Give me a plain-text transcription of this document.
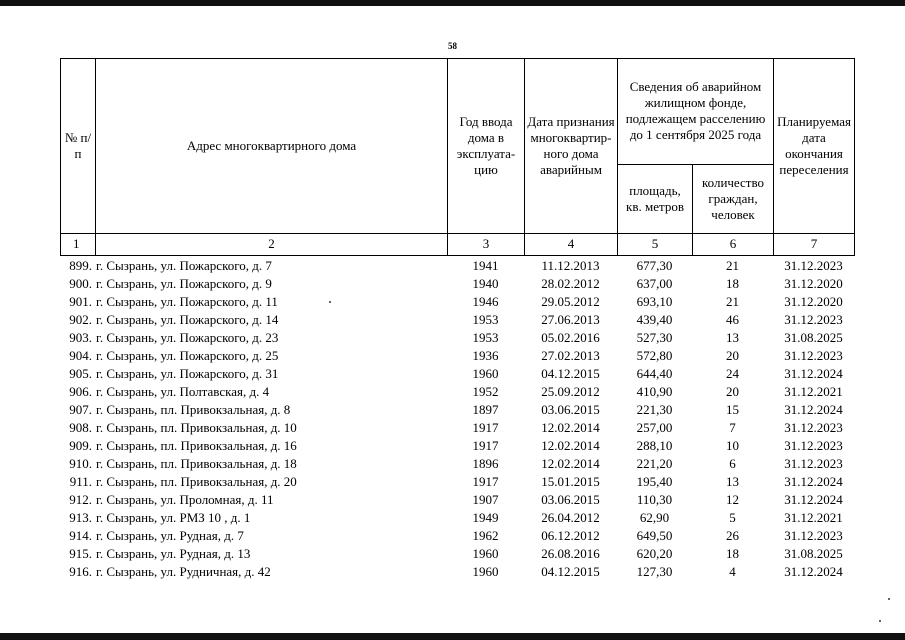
58
№ п/п	Адрес многоквартирного дома	Год ввода дома в эксплуата- цию	Дата признания многоквартир- ного дома аварийным	Сведения об аварийном жилищном фонде, подлежащем расселению до 1 сентября 2025 года		Планируемая дата окончания переселения
				площадь, кв. метров	количество граждан, человек	
1	2	3	4	5	6	7
899.	г. Сызрань, ул. Пожарского, д. 7	1941	11.12.2013	677,30	21	31.12.2023
900.	г. Сызрань, ул. Пожарского, д. 9	1940	28.02.2012	637,00	18	31.12.2020
901.	г. Сызрань, ул. Пожарского, д. 11	1946	29.05.2012	693,10	21	31.12.2020
902.	г. Сызрань, ул. Пожарского, д. 14	1953	27.06.2013	439,40	46	31.12.2023
903.	г. Сызрань, ул. Пожарского, д. 23	1953	05.02.2016	527,30	13	31.08.2025
904.	г. Сызрань, ул. Пожарского, д. 25	1936	27.02.2013	572,80	20	31.12.2023
905.	г. Сызрань, ул. Пожарского, д. 31	1960	04.12.2015	644,40	24	31.12.2024
906.	г. Сызрань, ул. Полтавская, д. 4	1952	25.09.2012	410,90	20	31.12.2021
907.	г. Сызрань, пл. Привокзальная, д. 8	1897	03.06.2015	221,30	15	31.12.2024
908.	г. Сызрань, пл. Привокзальная, д. 10	1917	12.02.2014	257,00	7	31.12.2023
909.	г. Сызрань, пл. Привокзальная, д. 16	1917	12.02.2014	288,10	10	31.12.2023
910.	г. Сызрань, пл. Привокзальная, д. 18	1896	12.02.2014	221,20	6	31.12.2023
911.	г. Сызрань, пл. Привокзальная, д. 20	1917	15.01.2015	195,40	13	31.12.2024
912.	г. Сызрань, ул. Проломная, д. 11	1907	03.06.2015	110,30	12	31.12.2024
913.	г. Сызрань, ул. РМЗ 10 , д. 1	1949	26.04.2012	62,90	5	31.12.2021
914.	г. Сызрань, ул. Рудная, д. 7	1962	06.12.2012	649,50	26	31.12.2023
915.	г. Сызрань, ул. Рудная, д. 13	1960	26.08.2016	620,20	18	31.08.2025
916.	г. Сызрань, ул. Рудничная, д. 42	1960	04.12.2015	127,30	4	31.12.2024
